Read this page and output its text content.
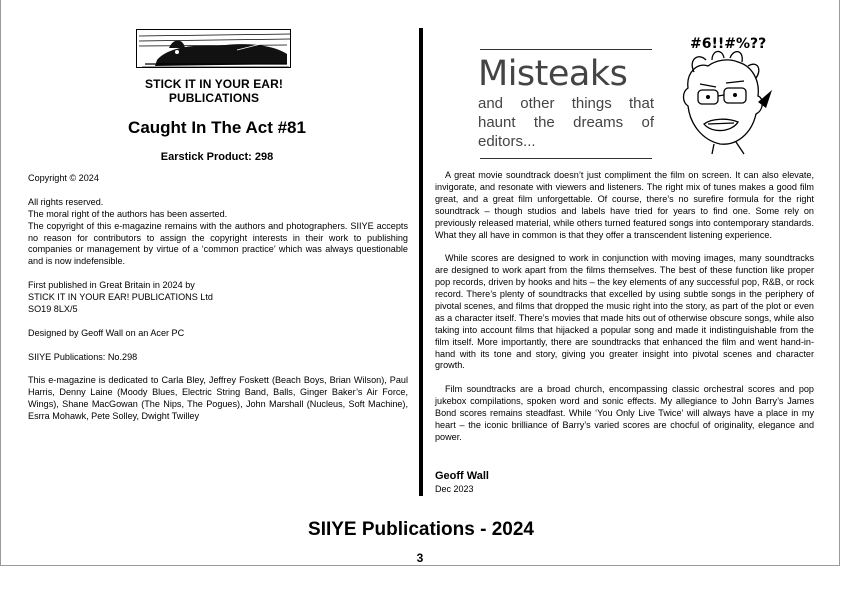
STICK IT IN YOUR EAR!
PUBLICATIONS
Caught In The Act #81
Earstick Product: 298

Copyright © 2024

All rights reserved.
The moral right of the authors has been asserted.

The copyright of this e-magazine remains with the authors and photographers. SIIYE accepts no reason for contributors to assign the copyright interests in their work to publishing companies or management by virtue of a ‘common practice’ which was always questionable and is now indefensible.

First published in Great Britain in 2024 by
STICK IT IN YOUR EAR! PUBLICATIONS Ltd

SO19 8LX/5

Designed by Geoff Wall on an Acer PC

SIIYE Publications: No.298

This e-magazine is dedicated to Carla Bley, Jeffrey Foskett (Beach Boys, Brian Wilson), Paul Harris, Denny Laine (Moody Blues, Electric String Band, Balls, Ginger Baker’s Air Force, Wings), Shane MacGowan (The Nips, The Pogues), John Marshall (Nucleus, Soft Machine), Esrra Mohawk, Pete Solley, Dwight Twilley

Misteaks
and other things that haunt the dreams of editors...
#6!!#%??

A great movie soundtrack doesn’t just compliment the film on screen. It can also elevate, invigorate, and resonate with viewers and listeners. The right mix of tunes makes a good film great, and a great film unforgettable. Of course, there’s no surefire formula for the right soundtrack – though studios and labels have tried for years to find one. Some rely on previously released material, while others turned featured songs into contemporary standards. What they all have in common is that they offer a transcendent listening experience.

While scores are designed to work in conjunction with moving images, many soundtracks are designed to work apart from the films themselves. The best of these function like proper pop records, driven by hooks and hits – the key elements of any successful pop, R&B, or rock record. There’s plenty of soundtracks that excelled by using subtle songs in the periphery of pivotal scenes, and films that dropped the music right into the story, as part of the plot or even as a character itself. There’s movies that made hits out of otherwise obscure songs, while also taking into account films that hijacked a popular song and made it indistinguishable from the film itself. More importantly, there are soundtracks that enhanced the film and went hand-in-hand with its tone and story, giving you greater insight into pivotal scenes and character growth.

Film soundtracks are a broad church, encompassing classic orchestral scores and pop jukebox compilations, spoken word and sonic effects. My allegiance to John Barry’s James Bond scores remains steadfast. While ‘You Only Live Twice’ will always have a place in my heart – the iconic brilliance of Barry’s varied scores are chocful of originality, elegance and power.

Geoff Wall
Dec 2023
SIIYE Publications - 2024
3
